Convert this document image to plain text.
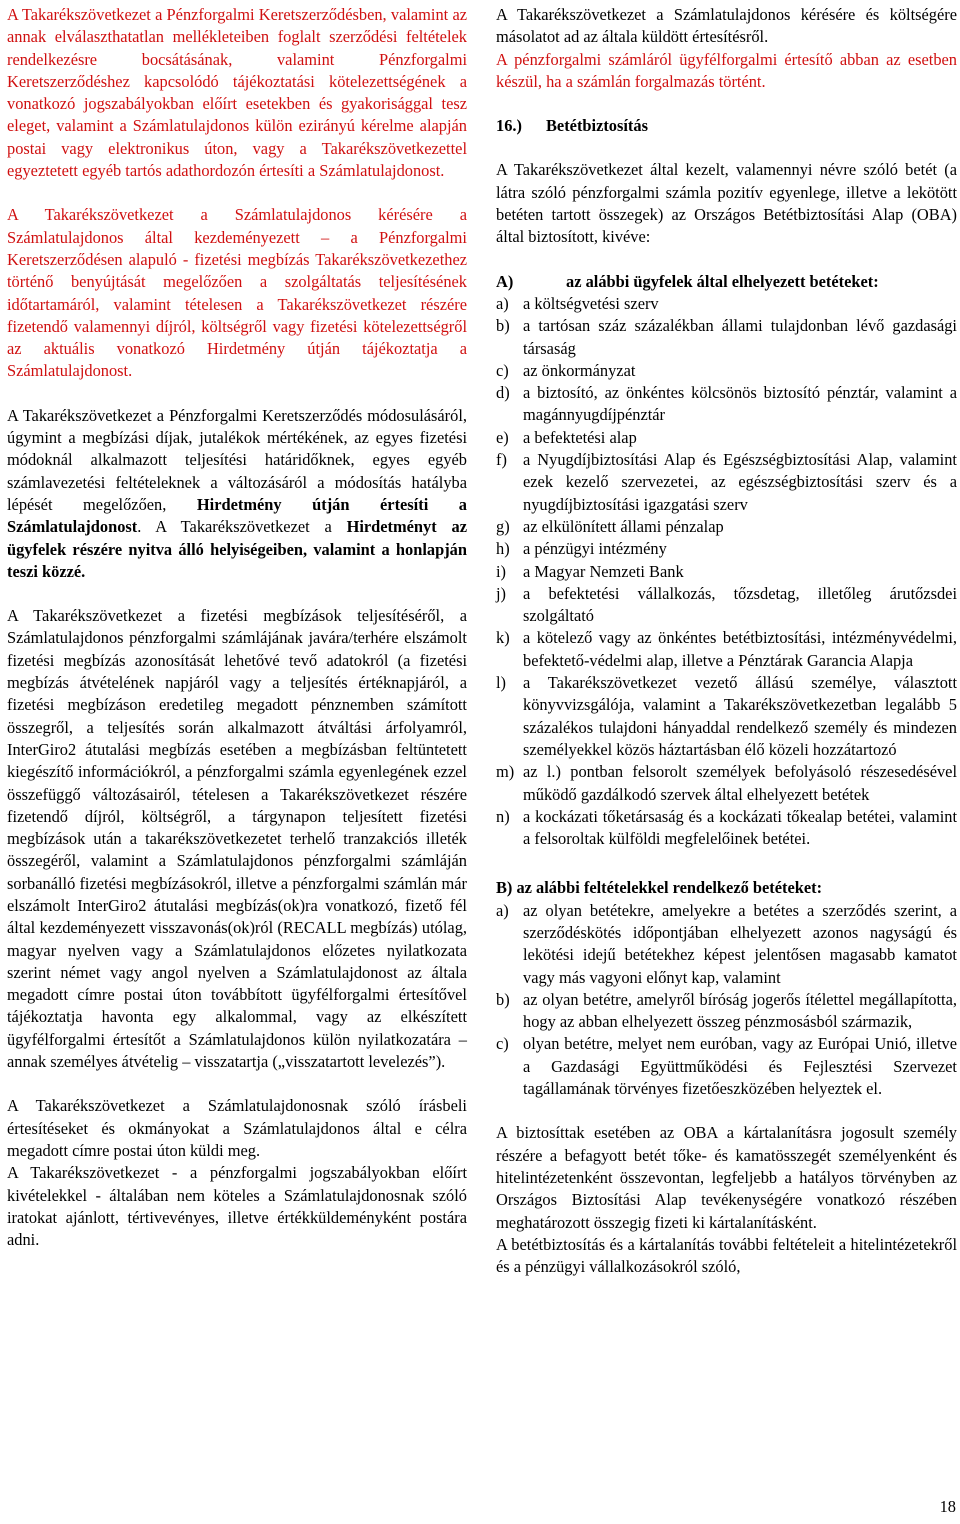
A Takarékszövetkezet a Pénzforgalmi Keretszerződésben, valamint az annak elválaszthatatlan mellékleteiben foglalt szerződési feltételek rendelkezésre bocsátásának, valamint Pénzforgalmi Keretszerződéshez kapcsolódó tájékoztatási kötelezettségének a vonatkozó jogszabályokban előírt esetekben és gyakorisággal tesz eleget, valamint a Számlatulajdonos külön ezirányú kérelme alapján postai vagy elektronikus úton, vagy a Takarékszövetkezettel egyeztetett egyéb tartós adathordozón értesíti a Számlatulajdonost.

A Takarékszövetkezet a Számlatulajdonos kérésére a Számlatulajdonos által kezdeményezett – a Pénzforgalmi Keretszerződésen alapuló - fizetési megbízás Takarékszövetkezethez történő benyújtását megelőzően a szolgáltatás teljesítésének időtartamáról, valamint tételesen a Takarékszövetkezet részére fizetendő valamennyi díjról, költségről vagy fizetési kötelezettségről az aktuális vonatkozó Hirdetmény útján tájékoztatja a Számlatulajdonost.

A Takarékszövetkezet a Pénzforgalmi Keretszerződés módosulásáról, úgymint a megbízási díjak, jutalékok mértékének, az egyes fizetési módoknál alkalmazott teljesítési határidőknek, egyes egyéb számlavezetési feltételeknek a változásáról a módosítás hatályba lépését megelőzően, Hirdetmény útján értesíti a Számlatulajdonost. A Takarékszövetkezet a Hirdetményt az ügyfelek részére nyitva álló helyiségeiben, valamint a honlapján teszi közzé.

A Takarékszövetkezet a fizetési megbízások teljesítéséről, a Számlatulajdonos pénzforgalmi számlájának javára/terhére elszámolt fizetési megbízás azonosítását lehetővé tevő adatokról (a fizetési megbízás átvételének napjáról vagy a teljesítés értéknapjáról, a fizetési megbízáson eredetileg megadott pénznemben számított összegről, a teljesítés során alkalmazott átváltási árfolyamról, InterGiro2 átutalási megbízás esetében a megbízásban feltüntetett kiegészítő információkról, a pénzforgalmi számla egyenlegének ezzel összefüggő változásairól, tételesen a Takarékszövetkezet részére fizetendő díjról, költségről, a tárgynapon teljesített fizetési megbízások után a takarékszövetkezetet terhelő tranzakciós illeték összegéről, valamint a Számlatulajdonos pénzforgalmi számláján sorbanálló fizetési megbízásokról, illetve a pénzforgalmi számlán már elszámolt InterGiro2 átutalási megbízás(ok)ra vonatkozó, fizető fél által kezdeményezett visszavonás(ok)ról (RECALL megbízás) utólag, magyar nyelven vagy a Számlatulajdonos előzetes nyilatkozata szerint német vagy angol nyelven a Számlatulajdonost az általa megadott címre postai úton továbbított ügyfélforgalmi értesítővel tájékoztatja havonta egy alkalommal, vagy az elkészített ügyfélforgalmi értesítőt a Számlatulajdonos külön nyilatkozatára – annak személyes átvételig – visszatartja („visszatartott levelezés”).

A Takarékszövetkezet a Számlatulajdonosnak szóló írásbeli értesítéseket és okmányokat a Számlatulajdonos által e célra megadott címre postai úton küldi meg.

A Takarékszövetkezet - a pénzforgalmi jogszabályokban előírt kivételekkel - általában nem köteles a Számlatulajdonosnak szóló iratokat ajánlott, tértivevényes, illetve értékküldeményként postára adni.

A Takarékszövetkezet a Számlatulajdonos kérésére és költségére másolatot ad az általa küldött értesítésről.

A pénzforgalmi számláról ügyfélforgalmi értesítő abban az esetben készül, ha a számlán forgalmazás történt.

16.)	Betétbiztosítás

A Takarékszövetkezet által kezelt, valamennyi névre szóló betét (a látra szóló pénzforgalmi számla pozitív egyenlege, illetve a lekötött betéten tartott összegek) az Országos Betétbiztosítási Alap (OBA) által biztosított, kivéve:

A)	az alábbi ügyfelek által elhelyezett betéteket:
a) a költségvetési szerv
b) a tartósan száz százalékban állami tulajdonban lévő gazdasági társaság
c) az önkormányzat
d) a biztosító, az önkéntes kölcsönös biztosító pénztár, valamint a magánnyugdíjpénztár
e) a befektetési alap
f) a Nyugdíjbiztosítási Alap és Egészségbiztosítási Alap, valamint ezek kezelő szervezetei, az egészségbiztosítási szerv és a nyugdíjbiztosítási igazgatási szerv
g) az elkülönített állami pénzalap
h) a pénzügyi intézmény
i)	a Magyar Nemzeti Bank
j)	a befektetési vállalkozás, tőzsdetag, illetőleg árutőzsdei szolgáltató
k) a kötelező vagy az önkéntes betétbiztosítási, intézményvédelmi, befektető-védelmi alap, illetve a Pénztárak Garancia Alapja
l)	a Takarékszövetkezet vezető állású személye, választott könyvvizsgálója, valamint a Takarékszövetkezetban legalább 5 százalékos tulajdoni hányaddal rendelkező személy és mindezen személyekkel közös háztartásban élő közeli hozzátartozó
m) az l.) pontban felsorolt személyek befolyásoló részesedésével működő gazdálkodó szervek által elhelyezett betétek
n) a kockázati tőketársaság és a kockázati tőkealap betétei, valamint a felsoroltak külföldi megfelelőinek betétei.
B) az alábbi feltételekkel rendelkező betéteket:
a) az olyan betétekre, amelyekre a betétes a szerződés szerint, a szerződéskötés időpontjában elhelyezett azonos nagyságú és lekötési idejű betétekhez képest jelentősen magasabb kamatot vagy más vagyoni előnyt kap, valamint
b) az olyan betétre, amelyről bíróság jogerős ítélettel megállapította, hogy az abban elhelyezett összeg pénzmosásból származik,
c) olyan betétre, melyet nem euróban, vagy az Európai Unió, illetve a Gazdasági Együttműködési és Fejlesztési Szervezet tagállamának törvényes fizetőeszközében helyeztek el.

A biztosíttak esetében az OBA a kártalanításra jogosult személy részére a befagyott betét tőke- és kamatösszegét személyenként és hitelintézetenként összevontan, legfeljebb a hatályos törvényben az Országos Biztosítási Alap tevékenységére vonatkozó részében meghatározott összegig fizeti ki kártalanításként.

A betétbiztosítás és a kártalanítás további feltételeit a hitelintézetekről és a pénzügyi vállalkozásokról szóló,

18
